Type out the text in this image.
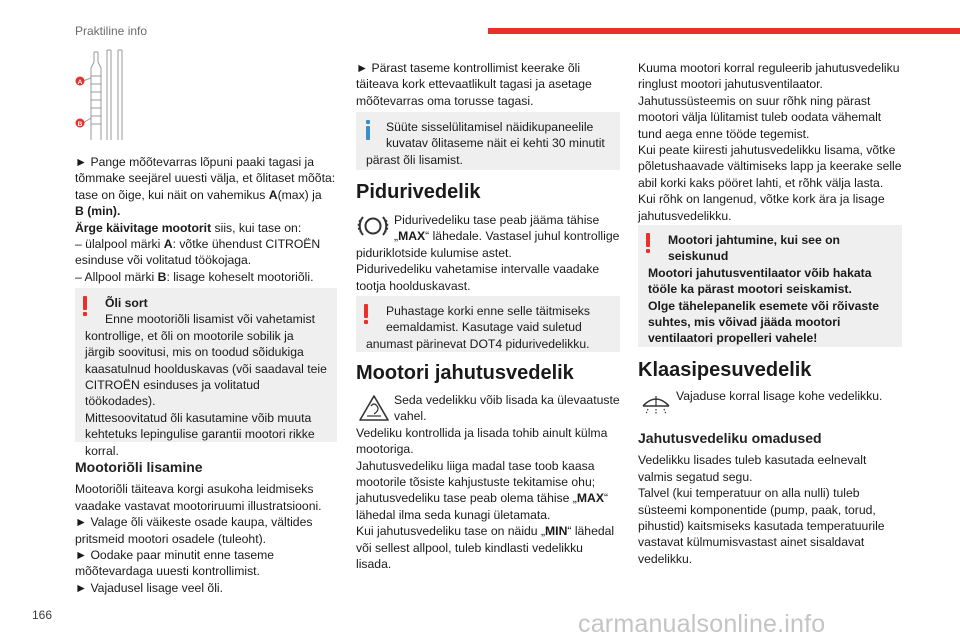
Praktiline info
A
B

► Pange mõõtevarras lõpuni paaki tagasi ja

tõmmake seejärel uuesti välja, et õlitaset mõõta:

tase on õige, kui näit on vahemikus A(max) ja

B (min).

Ärge käivitage mootorit siis, kui tase on:

– ülalpool märki A: võtke ühendust CITROËN

esinduse või volitatud töökojaga.

– Allpool märki B: lisage koheselt mootoriõli.

Õli sort

Enne mootoriõli lisamist või vahetamist

kontrollige, et õli on mootorile sobilik ja

järgib soovitusi, mis on toodud sõidukiga

kaasatulnud hoolduskavas (või saadaval teie

CITROËN esinduses ja volitatud töökodades).

Mittesoovitatud õli kasutamine võib muuta

kehtetuks lepingulise garantii mootori rikke

korral.

Mootoriõli lisamine

Mootoriõli täiteava korgi asukoha leidmiseks

vaadake vastavat mootoriruumi illustratsiooni.

► Valage õli väikeste osade kaupa, vältides

pritsmeid mootori osadele (tuleoht).

► Oodake paar minutit enne taseme

mõõtevardaga uuesti kontrollimist.

► Vajadusel lisage veel õli.

► Pärast taseme kontrollimist keerake õli

täiteava kork ettevaatlikult tagasi ja asetage

mõõtevarras oma torusse tagasi.

Süüte sisselülitamisel näidikupaneelile

kuvatav õlitaseme näit ei kehti 30 minutit

pärast õli lisamist.

Pidurivedelik

Pidurivedeliku tase peab jääma tähise

„MAX“ lähedale. Vastasel juhul kontrollige

piduriklotside kulumise astet.

Pidurivedeliku vahetamise intervalle vaadake

tootja hoolduskavast.

Puhastage korki enne selle täitmiseks

eemaldamist. Kasutage vaid suletud

anumast pärinevat DOT4 pidurivedelikku.

Mootori jahutusvedelik

Seda vedelikku võib lisada ka ülevaatuste

vahel.

Vedeliku kontrollida ja lisada tohib ainult külma

mootoriga.

Jahutusvedeliku liiga madal tase toob kaasa

mootorile tõsiste kahjustuste tekitamise ohu;

jahutusvedeliku tase peab olema tähise „MAX“

lähedal ilma seda kunagi ületamata.

Kui jahutusvedeliku tase on näidu „MIN“ lähedal

või sellest allpool, tuleb kindlasti vedelikku

lisada.

Kuuma mootori korral reguleerib jahutusvedeliku

ringlust mootori jahutusventilaator.

Jahutussüsteemis on suur rõhk ning pärast

mootori välja lülitamist tuleb oodata vähemalt

tund aega enne tööde tegemist.

Kui peate kiiresti jahutusvedelikku lisama, võtke

põletushaavade vältimiseks lapp ja keerake selle

abil korki kaks pööret lahti, et rõhk välja lasta.

Kui rõhk on langenud, võtke kork ära ja lisage

jahutusvedelikku.

Mootori jahtumine, kui see on

seiskunud

Mootori jahutusventilaator võib hakata

tööle ka pärast mootori seiskamist.

Olge tähelepanelik esemete või rõivaste

suhtes, mis võivad jääda mootori

ventilaatori propelleri vahele!

Klaasipesuvedelik

Vajaduse korral lisage kohe vedelikku.

Jahutusvedeliku omadused

Vedelikku lisades tuleb kasutada eelnevalt

valmis segatud segu.

Talvel (kui temperatuur on alla nulli) tuleb

süsteemi komponentide (pump, paak, torud,

pihustid) kaitsmiseks kasutada temperatuurile

vastavat külmumisvastast ainet sisaldavat

vedelikku.

166	carmanualsonline.info
